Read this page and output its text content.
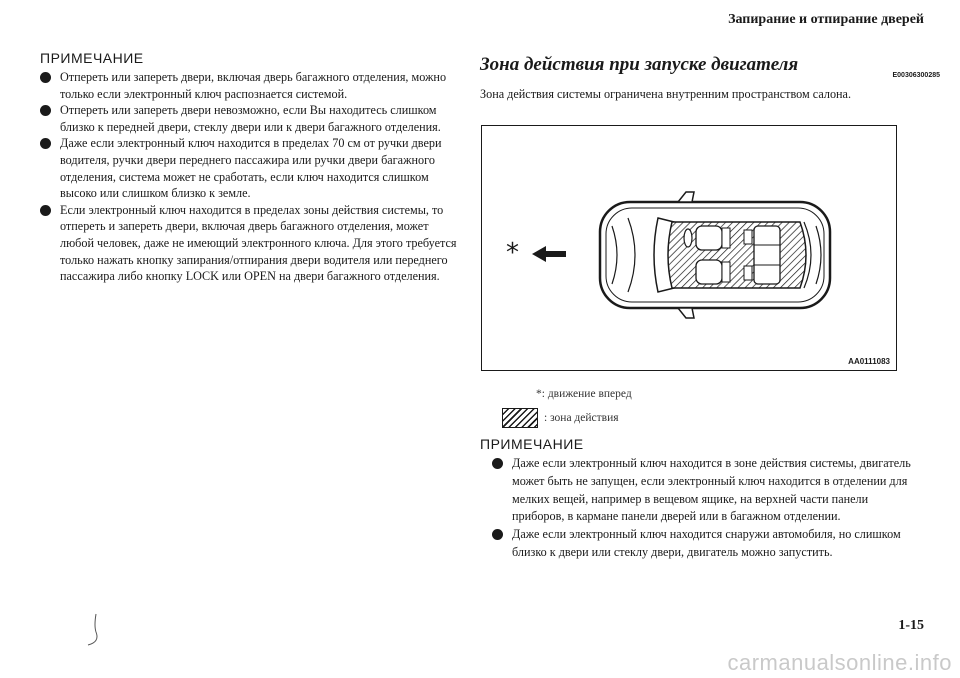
Запирание и отпирание дверей
ПРИМЕЧАНИЕ
Отпереть или запереть двери, включая дверь багажного отделения, можно только если электронный ключ распознается системой.
Отпереть или запереть двери невозможно, если Вы находитесь слишком близко к передней двери, стеклу двери или к двери багажного отделения.
Даже если электронный ключ находится в пределах 70 см от ручки двери водителя, ручки двери переднего пассажира или ручки двери багажного отделения, система может не сработать, если ключ находится слишком высоко или слишком близко к земле.
Если электронный ключ находится в пределах зоны действия системы, то отпереть и запереть двери, включая дверь багажного отделения, может любой человек, даже не имеющий электронного ключа. Для этого требуется только нажать кнопку запирания/отпирания двери водителя или переднего пассажира либо кнопку LOCK или OPEN на двери багажного отделения.
Зона действия при запуске двигателя
E00306300285
Зона действия системы ограничена внутренним пространством салона.
*
AA0111083
*: движение вперед
: зона действия
ПРИМЕЧАНИЕ
Даже если электронный ключ находится в зоне действия системы, двигатель может быть не запущен, если электронный ключ находится в отделении для мелких вещей, например в вещевом ящике, на верхней части панели приборов, в кармане панели дверей или в багажном отделении.
Даже если электронный ключ находится снаружи автомобиля, но слишком близко к двери или стеклу двери, двигатель можно запустить.
1-15
carmanualsonline.info
